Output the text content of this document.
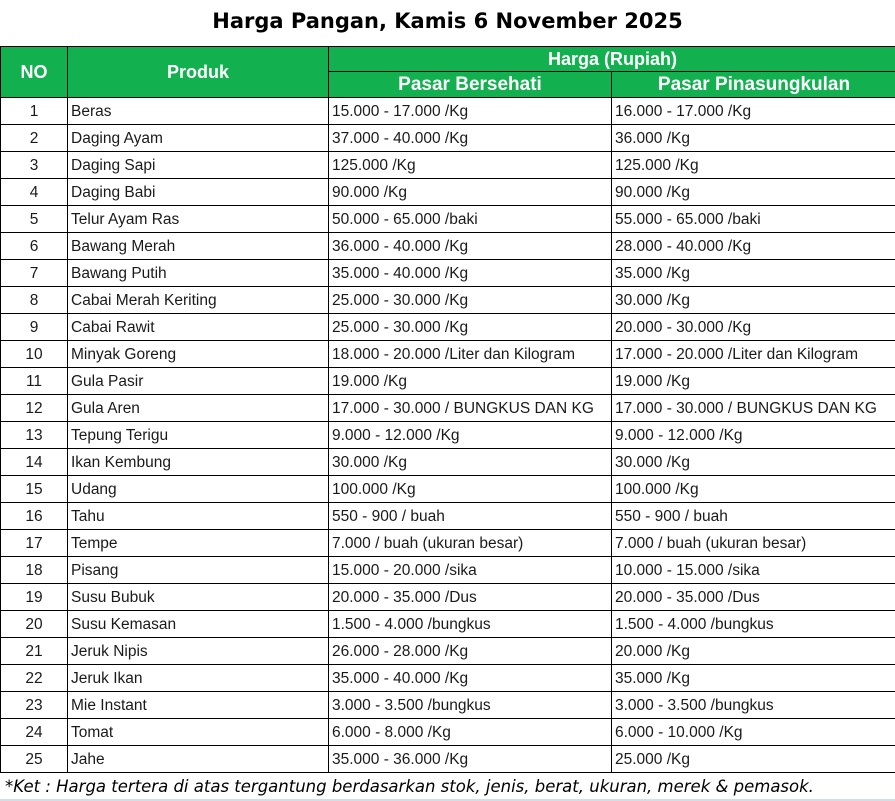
Harga Pangan, Kamis 6 November 2025
NO	Produk	Harga (Rupiah)	
		Pasar Bersehati	Pasar Pinasungkulan
1	Beras	15.000 - 17.000 /Kg	16.000 - 17.000 /Kg
2	Daging Ayam	37.000 - 40.000 /Kg	36.000 /Kg
3	Daging Sapi	125.000 /Kg	125.000 /Kg
4	Daging Babi	90.000 /Kg	90.000 /Kg
5	Telur Ayam Ras	50.000 - 65.000 /baki	55.000 - 65.000 /baki
6	Bawang Merah	36.000 - 40.000 /Kg	28.000 - 40.000 /Kg
7	Bawang Putih	35.000 - 40.000 /Kg	35.000 /Kg
8	Cabai Merah Keriting	25.000 - 30.000 /Kg	30.000 /Kg
9	Cabai Rawit	25.000 - 30.000 /Kg	20.000 - 30.000 /Kg
10	Minyak Goreng	18.000 - 20.000 /Liter dan Kilogram	17.000 - 20.000 /Liter dan Kilogram
11	Gula Pasir	19.000 /Kg	19.000 /Kg
12	Gula Aren	17.000 - 30.000 / BUNGKUS DAN KG	17.000 - 30.000 / BUNGKUS DAN KG
13	Tepung Terigu	9.000 - 12.000 /Kg	9.000 - 12.000 /Kg
14	Ikan Kembung	30.000 /Kg	30.000 /Kg
15	Udang	100.000 /Kg	100.000 /Kg
16	Tahu	550 - 900 / buah	550 - 900 / buah
17	Tempe	7.000 / buah (ukuran besar)	7.000 / buah (ukuran besar)
18	Pisang	15.000 - 20.000 /sika	10.000 - 15.000 /sika
19	Susu Bubuk	20.000 - 35.000 /Dus	20.000 - 35.000 /Dus
20	Susu Kemasan	1.500 - 4.000 /bungkus	1.500 - 4.000 /bungkus
21	Jeruk Nipis	26.000 - 28.000 /Kg	20.000 /Kg
22	Jeruk Ikan	35.000 - 40.000 /Kg	35.000 /Kg
23	Mie Instant	3.000 - 3.500 /bungkus	3.000 - 3.500 /bungkus
24	Tomat	6.000 - 8.000 /Kg	6.000 - 10.000 /Kg
25	Jahe	35.000 - 36.000 /Kg	25.000 /Kg
*Ket : Harga tertera di atas tergantung berdasarkan stok, jenis, berat, ukuran, merek & pemasok.
